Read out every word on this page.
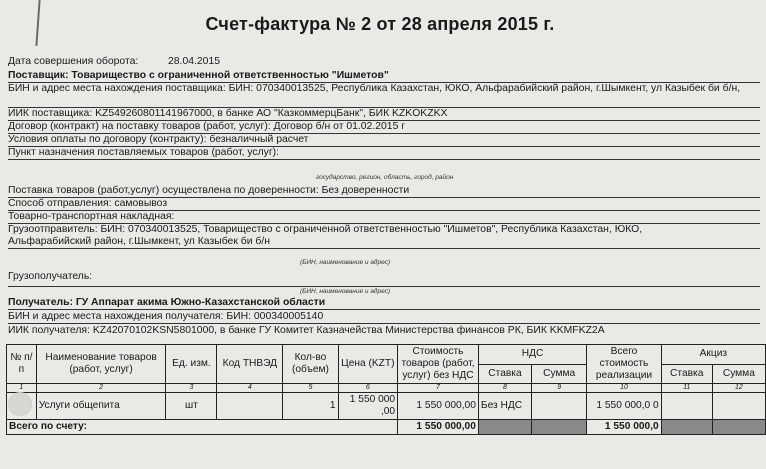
Счет-фактура № 2 от 28 апреля 2015 г.
Дата совершения оборота:	28.04.2015
Поставщик: Товарищество с ограниченной ответственностью "Ишметов"
БИН и адрес места нахождения поставщика: БИН: 070340013525, Республика Казахстан, ЮКО, Альфарабийский район, г.Шымкент, ул Казыбек би б/н,
ИИК поставщика: KZ549260801141967000, в банке АО "КазкоммерцБанк", БИК KZKOKZKX
Договор (контракт) на поставку товаров (работ, услуг): Договор б/н от 01.02.2015 г
Условия оплаты по договору (контракту): безналичный расчет
Пункт назначения поставляемых товаров (работ, услуг):
государство, регион, область, город, район
Поставка товаров (работ,услуг) осуществлена по доверенности: Без доверенности
Способ отправления: самовывоз
Товарно-транспортная накладная:
Грузоотправитель: БИН: 070340013525, Товарищество с ограниченной ответственностью "Ишметов", Республика Казахстан, ЮКО, Альфарабийский район, г.Шымкент, ул Казыбек би б/н
(БИН, наименование и адрес)
Грузополучатель:
(БИН, наименование и адрес)
Получатель: ГУ Аппарат акима Южно-Казахстанской области
БИН и адрес места нахождения получателя: БИН: 000340005140
ИИК получателя: KZ42070102KSN5801000, в банке ГУ Комитет Казначейства Министерства финансов РК, БИК KKMFKZ2A
№ п/п	Наименование товаров (работ, услуг)	Ед. изм.	Код ТНВЭД	Кол-во (объем)	Цена (KZT)	Стоимость товаров (работ, услуг) без НДС	НДС		Всего стоимость реализации	Акциз	
							Ставка	Сумма		Ставка	Сумма
1	2	3	4	5	6	7	8	9	10	11	12
	Услуги общепита	шт		1	1 550 000 ,00	1 550 000,00	Без НДС		1 550 000,0 0		
Всего по счету:						1 550 000,00			1 550 000,0		
